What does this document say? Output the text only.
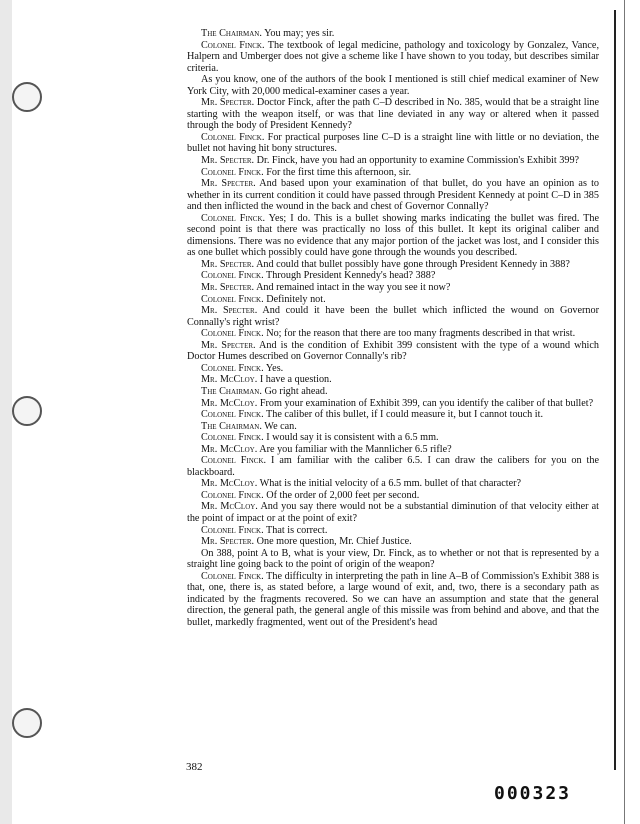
The Chairman. You may; yes sir.

Colonel Finck. The textbook of legal medicine, pathology and toxicology by Gonzalez, Vance, Halpern and Umberger does not give a scheme like I have shown to you today, but describes similar criteria.

As you know, one of the authors of the book I mentioned is still chief medical examiner of New York City, with 20,000 medical-examiner cases a year.

Mr. Specter. Doctor Finck, after the path C–D described in No. 385, would that be a straight line starting with the weapon itself, or was that line deviated in any way or altered when it passed through the body of President Kennedy?

Colonel Finck. For practical purposes line C–D is a straight line with little or no deviation, the bullet not having hit bony structures.

Mr. Specter. Dr. Finck, have you had an opportunity to examine Commission's Exhibit 399?

Colonel Finck. For the first time this afternoon, sir.

Mr. Specter. And based upon your examination of that bullet, do you have an opinion as to whether in its current condition it could have passed through President Kennedy at point C–D in 385 and then inflicted the wound in the back and chest of Governor Connally?

Colonel Finck. Yes; I do. This is a bullet showing marks indicating the bullet was fired. The second point is that there was practically no loss of this bullet. It kept its original caliber and dimensions. There was no evidence that any major portion of the jacket was lost, and I consider this as one bullet which possibly could have gone through the wounds you described.

Mr. Specter. And could that bullet possibly have gone through President Kennedy in 388?

Colonel Finck. Through President Kennedy's head? 388?

Mr. Specter. And remained intact in the way you see it now?

Colonel Finck. Definitely not.

Mr. Specter. And could it have been the bullet which inflicted the wound on Governor Connally's right wrist?

Colonel Finck. No; for the reason that there are too many fragments described in that wrist.

Mr. Specter. And is the condition of Exhibit 399 consistent with the type of a wound which Doctor Humes described on Governor Connally's rib?

Colonel Finck. Yes.

Mr. McCloy. I have a question.

The Chairman. Go right ahead.

Mr. McCloy. From your examination of Exhibit 399, can you identify the caliber of that bullet?

Colonel Finck. The caliber of this bullet, if I could measure it, but I cannot touch it.

The Chairman. We can.

Colonel Finck. I would say it is consistent with a 6.5 mm.

Mr. McCloy. Are you familiar with the Mannlicher 6.5 rifle?

Colonel Finck. I am familiar with the caliber 6.5. I can draw the calibers for you on the blackboard.

Mr. McCloy. What is the initial velocity of a 6.5 mm. bullet of that character?

Colonel Finck. Of the order of 2,000 feet per second.

Mr. McCloy. And you say there would not be a substantial diminution of that velocity either at the point of impact or at the point of exit?

Colonel Finck. That is correct.

Mr. Specter. One more question, Mr. Chief Justice.

On 388, point A to B, what is your view, Dr. Finck, as to whether or not that is represented by a straight line going back to the point of origin of the weapon?

Colonel Finck. The difficulty in interpreting the path in line A–B of Commission's Exhibit 388 is that, one, there is, as stated before, a large wound of exit, and, two, there is a secondary path as indicated by the fragments recovered. So we can have an assumption and state that the general direction, the general path, the general angle of this missile was from behind and above, and that the bullet, markedly fragmented, went out of the President's head

382
000323
